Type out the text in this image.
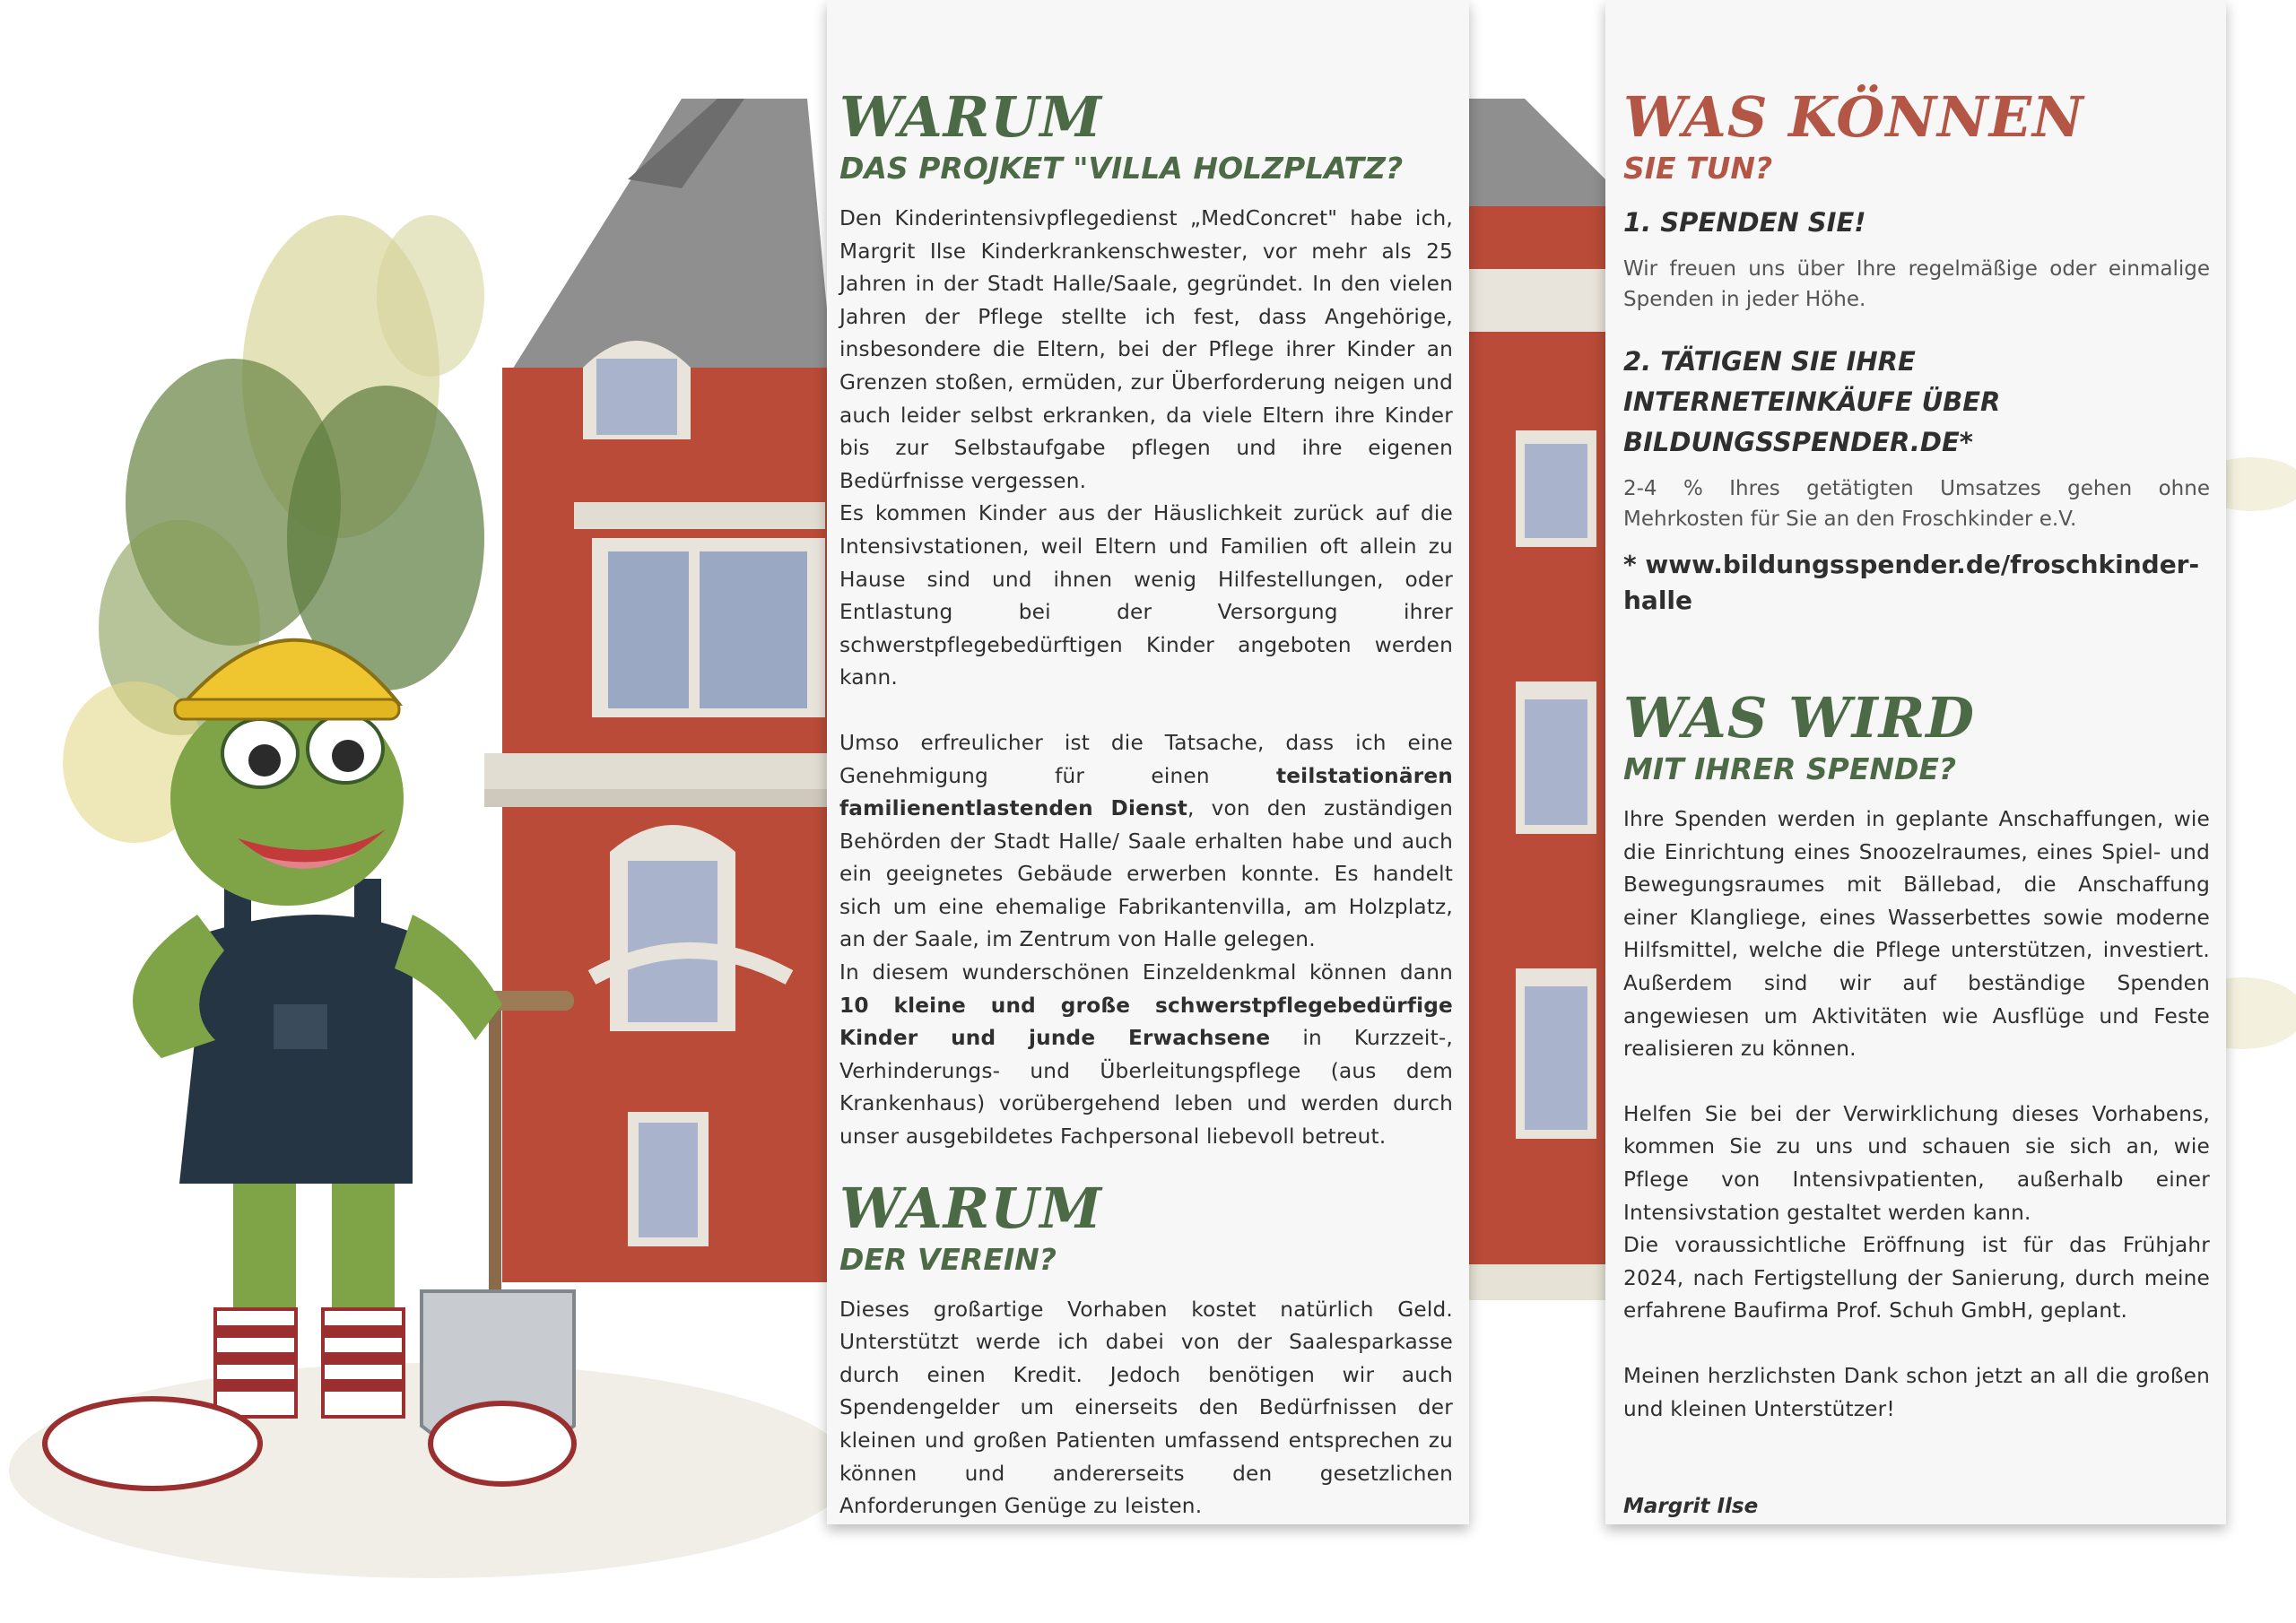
WARUM
DAS PROJKET "VILLA HOLZPLATZ?

Den Kinderintensivpflegedienst „MedConcret" habe ich, Margrit Ilse Kinderkrankenschwester, vor mehr als 25 Jahren in der Stadt Halle/Saale, gegründet. In den vielen Jahren der Pflege stellte ich fest, dass Angehörige, insbesondere die Eltern, bei der Pflege ihrer Kinder an Grenzen stoßen, ermüden, zur Überforderung neigen und auch leider selbst erkranken, da viele Eltern ihre Kinder bis zur Selbstaufgabe pflegen und ihre eigenen Bedürfnisse vergessen.

Es kommen Kinder aus der Häuslichkeit zurück auf die Intensivstationen, weil Eltern und Familien oft allein zu Hause sind und ihnen wenig Hilfestellungen, oder Entlastung bei der Versorgung ihrer schwerstpflegebedürftigen Kinder angeboten werden kann.

Umso erfreulicher ist die Tatsache, dass ich eine Genehmigung für einen teilstationären familienentlastenden Dienst, von den zuständigen Behörden der Stadt Halle/ Saale erhalten habe und auch ein geeignetes Gebäude erwerben konnte. Es handelt sich um eine ehemalige Fabrikantenvilla, am Holzplatz, an der Saale, im Zentrum von Halle gelegen.

In diesem wunderschönen Einzeldenkmal können dann 10 kleine und große schwerstpflegebedürfige Kinder und junde Erwachsene in Kurzzeit-, Verhinderungs- und Überleitungspflege (aus dem Krankenhaus) vorübergehend leben und werden durch unser ausgebildetes Fachpersonal liebevoll betreut.

WARUM
DER VEREIN?

Dieses großartige Vorhaben kostet natürlich Geld. Unterstützt werde ich dabei von der Saalesparkasse durch einen Kredit. Jedoch benötigen wir auch Spendengelder um einerseits den Bedürfnissen der kleinen und großen Patienten umfassend entsprechen zu können und andererseits den gesetzlichen Anforderungen Genüge zu leisten.

WAS KÖNNEN
SIE TUN?

1. SPENDEN SIE!

Wir freuen uns über Ihre regelmäßige oder einmalige Spenden in jeder Höhe.

2. TÄTIGEN SIE IHRE INTERNETEINKÄUFE ÜBER BILDUNGSSPENDER.DE*

2-4 % Ihres getätigten Umsatzes gehen ohne Mehrkosten für Sie an den Froschkinder e.V.

* www.bildungsspender.de/froschkinder-halle

WAS WIRD
MIT IHRER SPENDE?

Ihre Spenden werden in geplante Anschaffungen, wie die Einrichtung eines Snoozelraumes, eines Spiel- und Bewegungsraumes mit Bällebad, die Anschaffung einer Klangliege, eines Wasserbettes sowie moderne Hilfsmittel, welche die Pflege unterstützen, investiert. Außerdem sind wir auf beständige Spenden angewiesen um Aktivitäten wie Ausflüge und Feste realisieren zu können.

Helfen Sie bei der Verwirklichung dieses Vorhabens, kommen Sie zu uns und schauen sie sich an, wie Pflege von Intensivpatienten, außerhalb einer Intensivstation gestaltet werden kann.

Die voraussichtliche Eröffnung ist für das Frühjahr 2024, nach Fertigstellung der Sanierung, durch meine erfahrene Baufirma Prof. Schuh GmbH, geplant.

Meinen herzlichsten Dank schon jetzt an all die großen und kleinen Unterstützer!

Margrit Ilse
